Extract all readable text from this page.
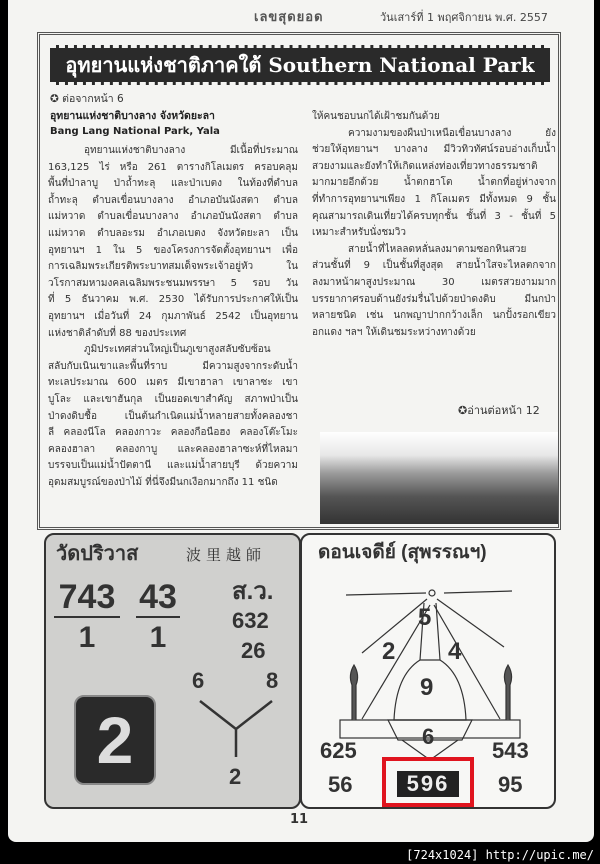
เลขสุดยอด	วันเสาร์ที่ 1 พฤศจิกายน พ.ศ. 2557
อุทยานแห่งชาติภาคใต้ Southern National Park
✪ ต่อจากหน้า 6
อุทยานแห่งชาติบางลาง จังหวัดยะลา
Bang Lang National Park, Yala
อุทยานแห่งชาติบางลาง มีเนื้อที่ประมาณ
163,125 ไร่ หรือ 261 ตารางกิโลเมตร ครอบคลุม
พื้นที่ป่าลาบู ป่าถ้ำทะลุ และป่าเบตง ในท้องที่ตำบล
ถ้ำทะลุ ตำบลเขื่อนบางลาง อำเภอบันนังสตา ตำบล
แม่หวาด ตำบลเขื่อนบางลาง อำเภอบันนังสตา ตำบล
แม่หวาด ตำบลอะรม อำเภอเบตง จังหวัดยะลา เป็น
อุทยานฯ 1 ใน 5 ของโครงการจัดตั้งอุทยานฯ เพื่อ
การเฉลิมพระเกียรติพระบาทสมเด็จพระเจ้าอยู่หัว ใน
วโรกาสมหามงคลเฉลิมพระชนมพรรษา 5 รอบ วัน
ที่ 5 ธันวาคม พ.ศ. 2530 ได้รับการประกาศให้เป็น
อุทยานฯ เมื่อวันที่ 24 กุมภาพันธ์ 2542 เป็นอุทยาน
แห่งชาติลำดับที่ 88 ของประเทศ
ภูมิประเทศส่วนใหญ่เป็นภูเขาสูงสลับซับซ้อน
สลับกับเนินเขาและพื้นที่ราบ มีความสูงจากระดับน้ำ
ทะเลประมาณ 600 เมตร มีเขาฮาลา เขาลาซะ เขา
บูโละ และเขาฮันกุล เป็นยอดเขาสำคัญ สภาพป่าเป็น
ป่าดงดิบชื้อ เป็นต้นกำเนิดแม่น้ำหลายสายทั้งคลองชา
ลี คลองนีโล คลองกาวะ คลองกือนือฮง คลองโต๊ะโมะ
คลองฮาลา คลองกาบู และคลองฮาลาซะห์ที่ไหลมา
บรรจบเป็นแม่น้ำปัตตานี และแม่น้ำสายบุรี ด้วยความ
อุดมสมบูรณ์ของป่าไม้ ที่นี่จึงมีนกเงือกมากถึง 11 ชนิด
ให้คนชอบนกได้เฝ้าชมกันด้วย
ความงามของผืนป่าเหนือเขื่อนบางลาง ยัง
ช่วยให้อุทยานฯ บางลาง มีวิวทิวทัศน์รอบอ่างเก็บน้ำ
สวยงามและยังทำให้เกิดแหล่งท่องเที่ยวทางธรรมชาติ
มากมายอีกด้วย น้ำตกฮาโต น้ำตกที่อยู่ห่างจาก
ที่ทำการอุทยานฯเพียง 1 กิโลเมตร มีทั้งหมด 9 ชั้น
คุณสามารถเดินเที่ยวได้ครบทุกชั้น ชั้นที่ 3 - ชั้นที่ 5
เหมาะสำหรับนั่งชมวิว
สายน้ำที่ไหลลดหลั่นลงมาตามซอกหินสวย
ส่วนชั้นที่ 9 เป็นชั้นที่สูงสุด สายน้ำใสจะไหลตกจาก
ลงมาหน้าผาสูงประมาณ 30 เมตรสวยงามมาก
บรรยากาศรอบด้านยังร่มรื่นไปด้วยป่าดงดิบ มีนกป่า
หลายชนิด เช่น นกพญาปากกว้างเล็ก นกปั้งรอกเขียว
อกแดง ฯลฯ ให้เดินชมระหว่างทางด้วย
✪อ่านต่อหน้า 12
วัดปริวาส	波里越師
743
1
43
1
ส.ว.
632
26
6	8
2
2
ดอนเจดีย์ (สุพรรณฯ)
5
2 4
9
6
625	543
56	95
596
11
[724x1024] http://upic.me/
